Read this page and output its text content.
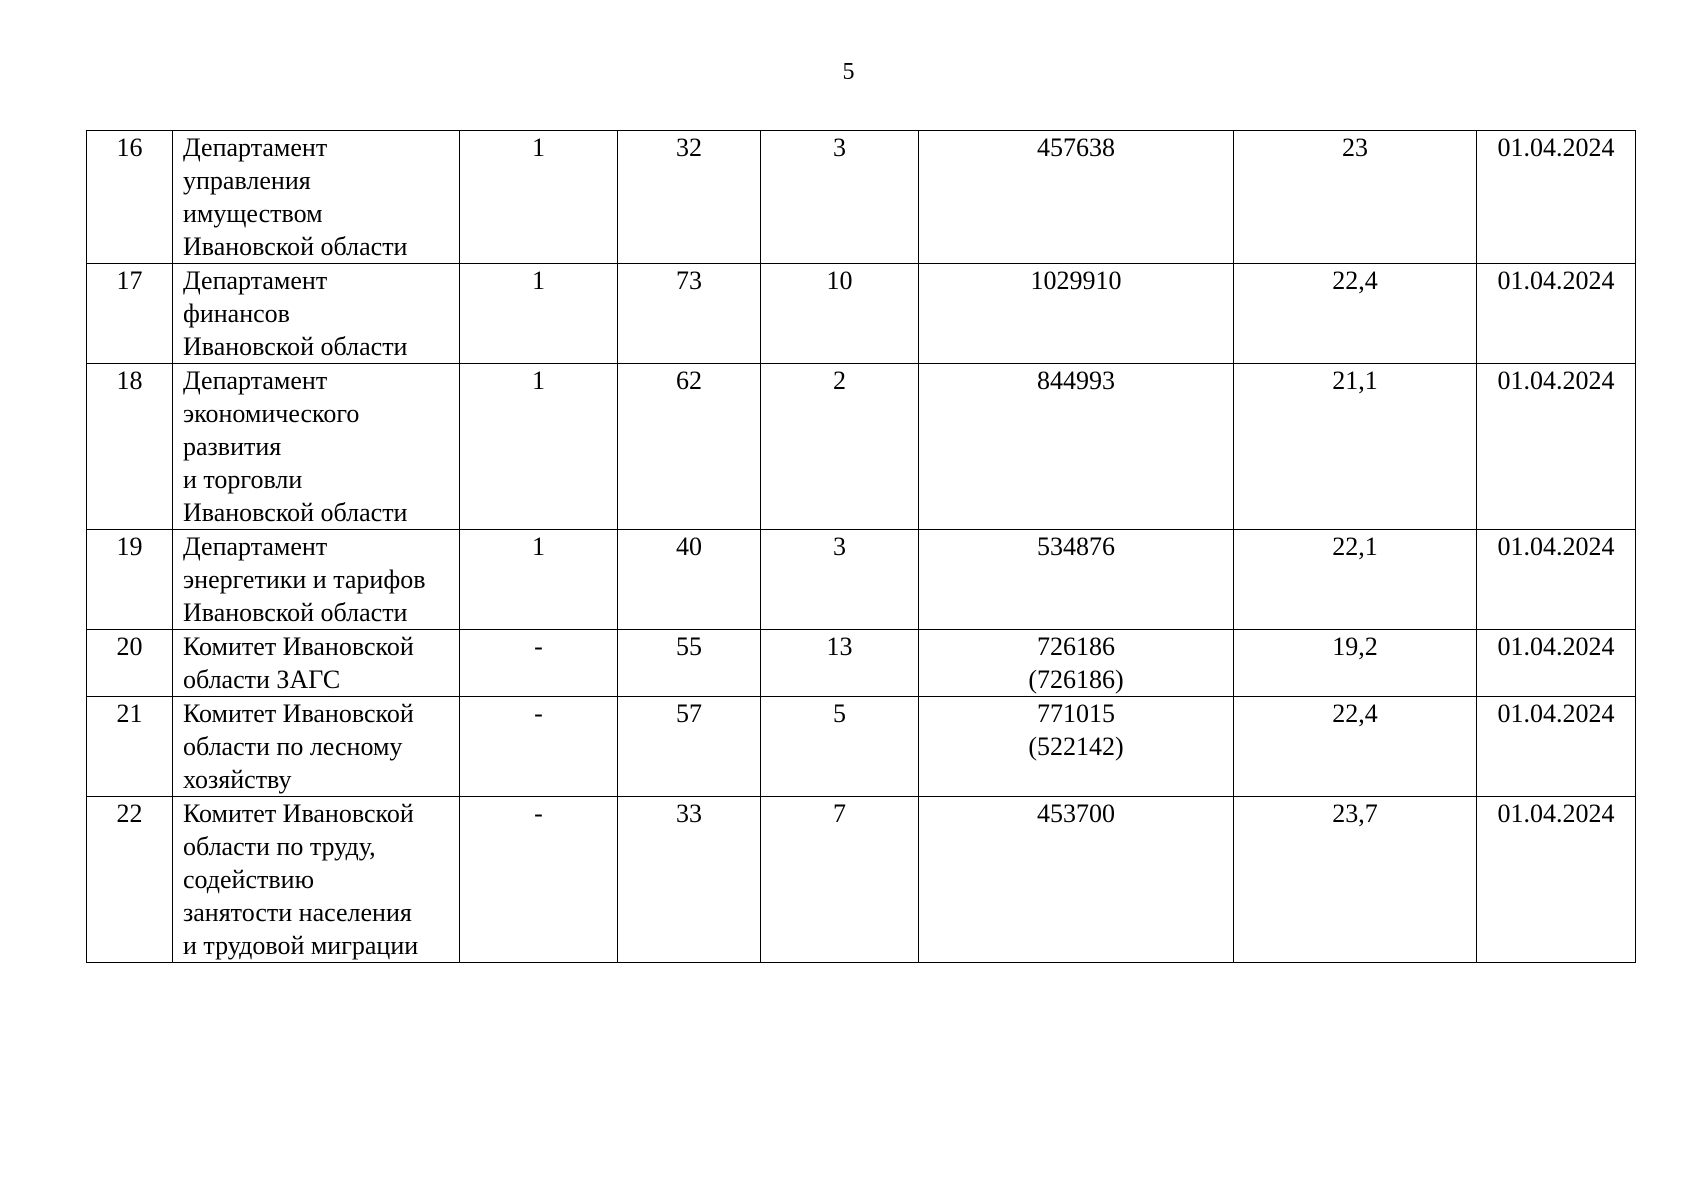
5
16	Департамент
управления
имуществом
Ивановской области	1	32	3	457638	23	01.04.2024
17	Департамент
финансов
Ивановской области	1	73	10	1029910	22,4	01.04.2024
18	Департамент
экономического
развития
и торговли
Ивановской области	1	62	2	844993	21,1	01.04.2024
19	Департамент
энергетики и тарифов
Ивановской области	1	40	3	534876	22,1	01.04.2024
20	Комитет Ивановской
области ЗАГС	-	55	13	726186
(726186)	19,2	01.04.2024
21	Комитет Ивановской
области по лесному
хозяйству	-	57	5	771015
(522142)	22,4	01.04.2024
22	Комитет Ивановской
области по труду,
содействию
занятости населения
и трудовой миграции	-	33	7	453700	23,7	01.04.2024
